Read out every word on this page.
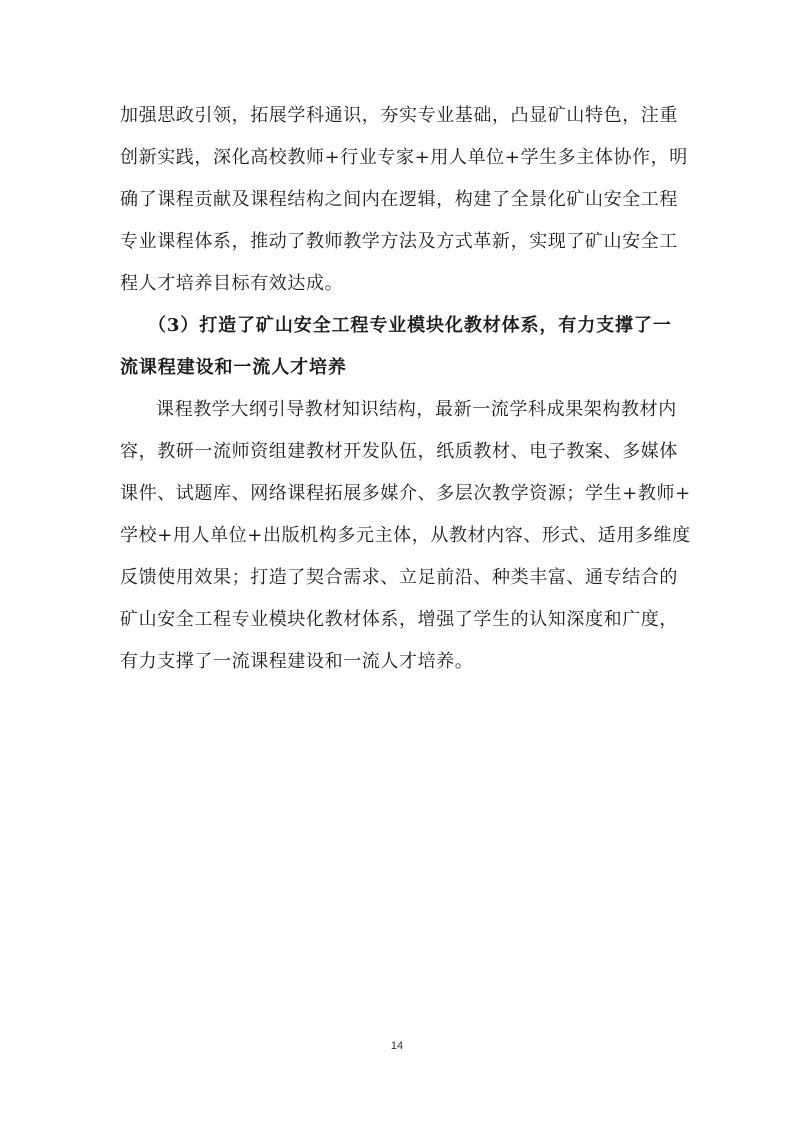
加强思政引领，拓展学科通识，夯实专业基础，凸显矿山特色，注重
创新实践，深化高校教师+行业专家+用人单位+学生多主体协作，明
确了课程贡献及课程结构之间内在逻辑，构建了全景化矿山安全工程
专业课程体系，推动了教师教学方法及方式革新，实现了矿山安全工
程人才培养目标有效达成。
（3）打造了矿山安全工程专业模块化教材体系，有力支撑了一
流课程建设和一流人才培养
课程教学大纲引导教材知识结构，最新一流学科成果架构教材内
容，教研一流师资组建教材开发队伍，纸质教材、电子教案、多媒体
课件、试题库、网络课程拓展多媒介、多层次教学资源；学生+教师+
学校+用人单位+出版机构多元主体，从教材内容、形式、适用多维度
反馈使用效果；打造了契合需求、立足前沿、种类丰富、通专结合的
矿山安全工程专业模块化教材体系，增强了学生的认知深度和广度，
有力支撑了一流课程建设和一流人才培养。
14
